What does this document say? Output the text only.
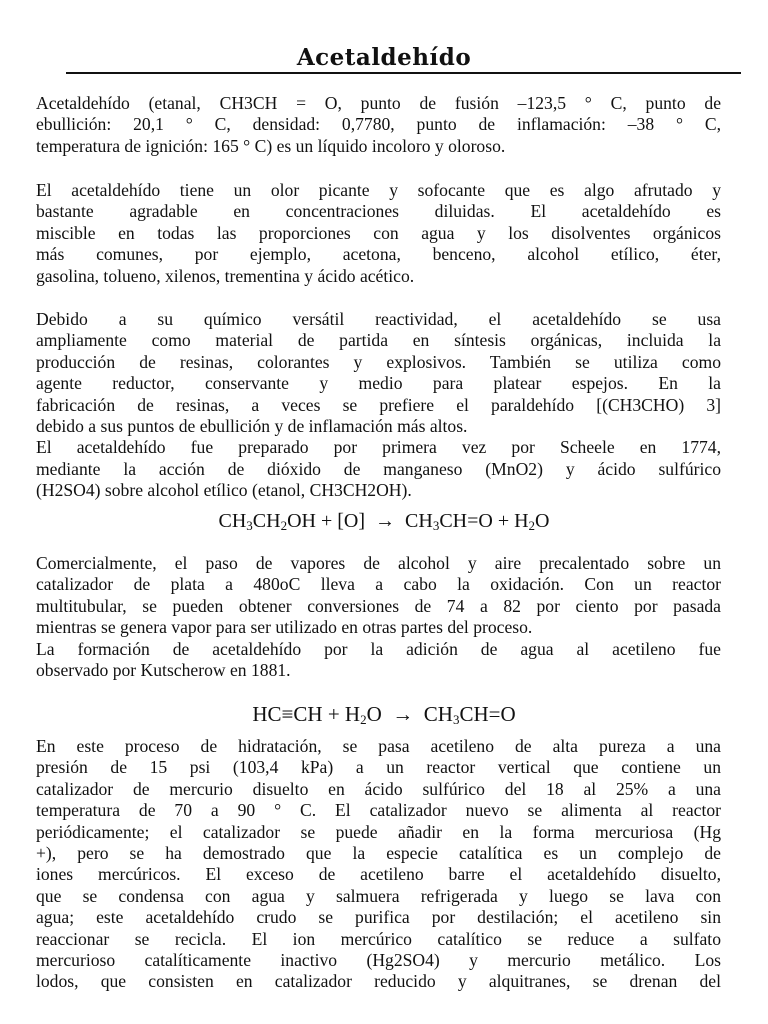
Acetaldehído

Acetaldehído (etanal, CH3CH = O, punto de fusión –123,5 ° C, punto de
ebullición: 20,1 ° C, densidad: 0,7780, punto de inflamación: –38 ° C,
temperatura de ignición: 165 ° C) es un líquido incoloro y oloroso.

El acetaldehído tiene un olor picante y sofocante que es algo afrutado y
bastante agradable en concentraciones diluidas. El acetaldehído es
miscible en todas las proporciones con agua y los disolventes orgánicos
más comunes, por ejemplo, acetona, benceno, alcohol etílico, éter,
gasolina, tolueno, xilenos, trementina y ácido acético.

Debido a su químico versátil reactividad, el acetaldehído se usa
ampliamente como material de partida en síntesis orgánicas, incluida la
producción de resinas, colorantes y explosivos. También se utiliza como
agente reductor, conservante y medio para platear espejos. En la
fabricación de resinas, a veces se prefiere el paraldehído [(CH3CHO) 3]
debido a sus puntos de ebullición y de inflamación más altos.
El acetaldehído fue preparado por primera vez por Scheele en 1774,
mediante la acción de dióxido de manganeso (MnO2) y ácido sulfúrico
(H2SO4) sobre alcohol etílico (etanol, CH3CH2OH).

$CH_3CH_2OH + [O] \to CH_3CH=O + H_2O$

Comercialmente, el paso de vapores de alcohol y aire precalentado sobre un
catalizador de plata a 480oC lleva a cabo la oxidación. Con un reactor
multitubular, se pueden obtener conversiones de 74 a 82 por ciento por pasada
mientras se genera vapor para ser utilizado en otras partes del proceso.
La formación de acetaldehído por la adición de agua al acetileno fue
observado por Kutscherow en 1881.

$HC\equiv CH + H_2O \to CH_3CH=O$

En este proceso de hidratación, se pasa acetileno de alta pureza a una
presión de 15 psi (103,4 kPa) a un reactor vertical que contiene un
catalizador de mercurio disuelto en ácido sulfúrico del 18 al 25% a una
temperatura de 70 a 90 ° C. El catalizador nuevo se alimenta al reactor
periódicamente; el catalizador se puede añadir en la forma mercuriosa (Hg
+), pero se ha demostrado que la especie catalítica es un complejo de
iones mercúricos. El exceso de acetileno barre el acetaldehído disuelto,
que se condensa con agua y salmuera refrigerada y luego se lava con
agua; este acetaldehído crudo se purifica por destilación; el acetileno sin
reaccionar se recicla. El ion mercúrico catalítico se reduce a sulfato
mercurioso catalíticamente inactivo (Hg2SO4) y mercurio metálico. Los
lodos, que consisten en catalizador reducido y alquitranes, se drenan del
